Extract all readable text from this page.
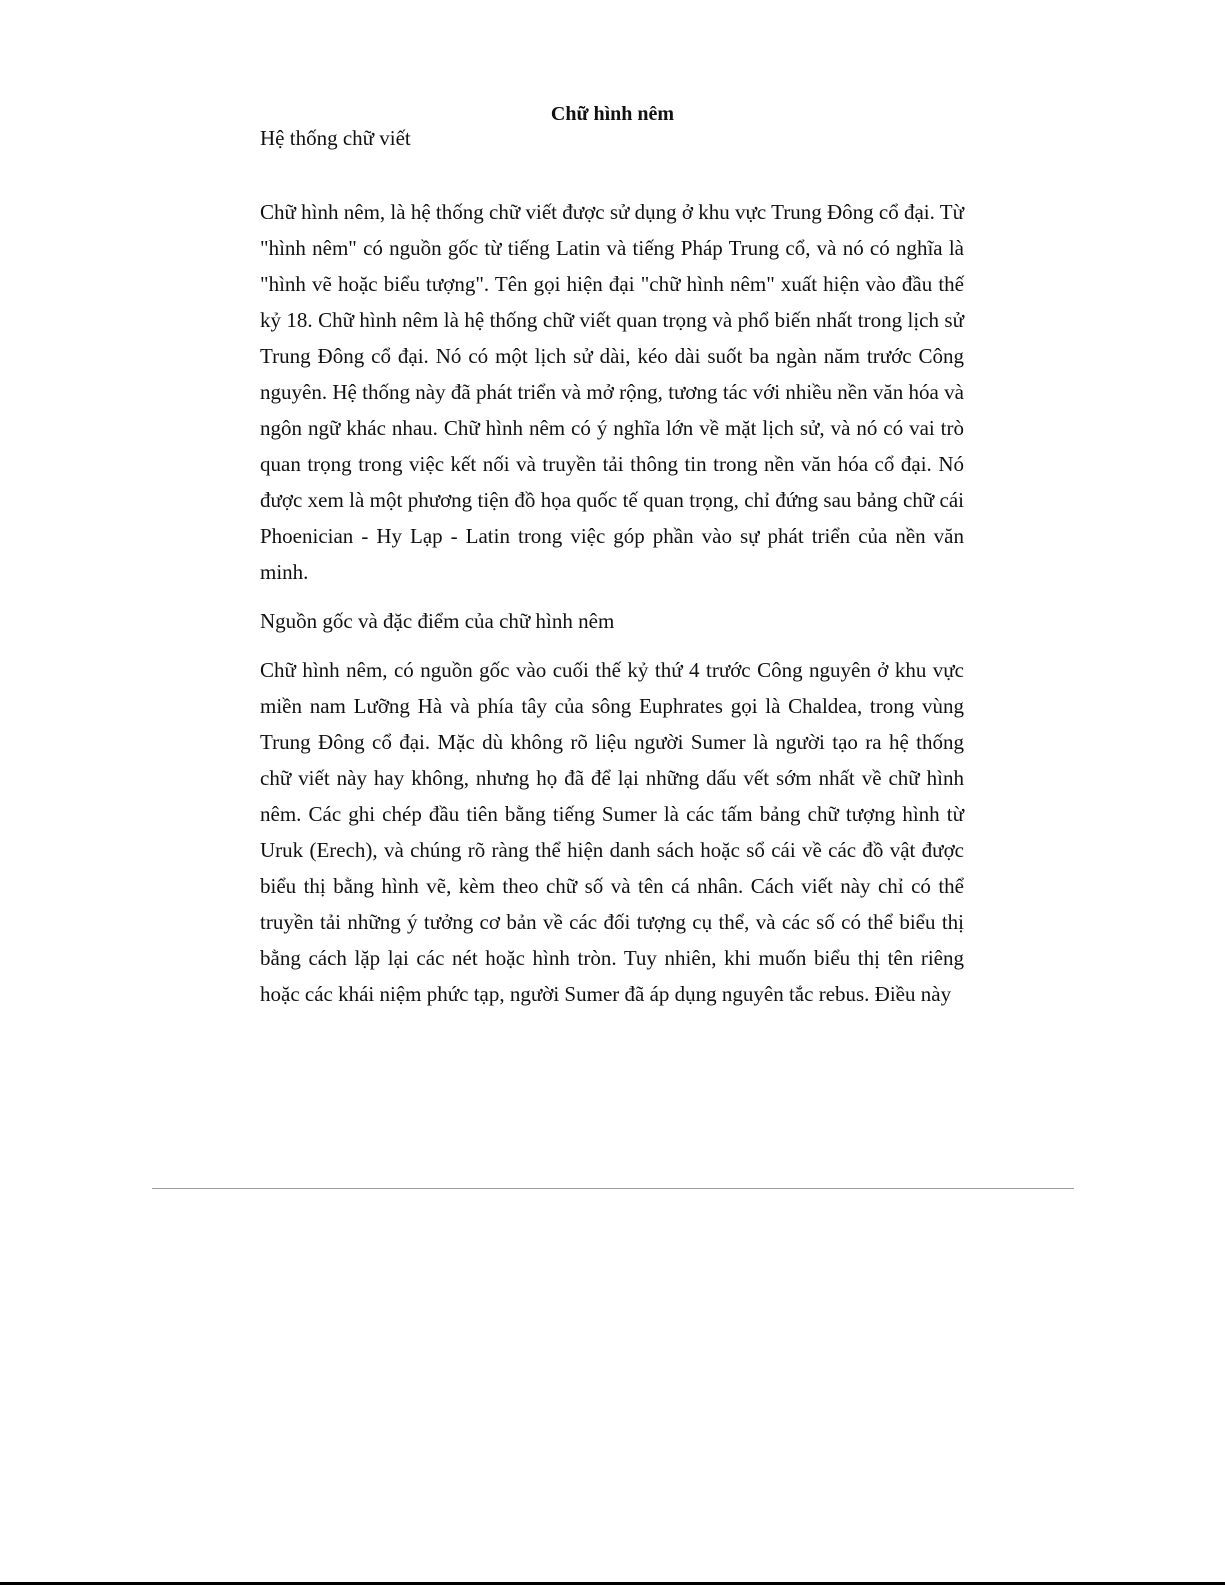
Chữ hình nêm

Hệ thống chữ viết

Chữ hình nêm, là hệ thống chữ viết được sử dụng ở khu vực Trung Đông cổ đại. Từ "hình nêm" có nguồn gốc từ tiếng Latin và tiếng Pháp Trung cổ, và nó có nghĩa là "hình vẽ hoặc biểu tượng". Tên gọi hiện đại "chữ hình nêm" xuất hiện vào đầu thế kỷ 18. Chữ hình nêm là hệ thống chữ viết quan trọng và phổ biến nhất trong lịch sử Trung Đông cổ đại. Nó có một lịch sử dài, kéo dài suốt ba ngàn năm trước Công nguyên. Hệ thống này đã phát triển và mở rộng, tương tác với nhiều nền văn hóa và ngôn ngữ khác nhau. Chữ hình nêm có ý nghĩa lớn về mặt lịch sử, và nó có vai trò quan trọng trong việc kết nối và truyền tải thông tin trong nền văn hóa cổ đại. Nó được xem là một phương tiện đồ họa quốc tế quan trọng, chỉ đứng sau bảng chữ cái Phoenician - Hy Lạp - Latin trong việc góp phần vào sự phát triển của nền văn minh.

Nguồn gốc và đặc điểm của chữ hình nêm

Chữ hình nêm, có nguồn gốc vào cuối thế kỷ thứ 4 trước Công nguyên ở khu vực miền nam Lưỡng Hà và phía tây của sông Euphrates gọi là Chaldea, trong vùng Trung Đông cổ đại. Mặc dù không rõ liệu người Sumer là người tạo ra hệ thống chữ viết này hay không, nhưng họ đã để lại những dấu vết sớm nhất về chữ hình nêm. Các ghi chép đầu tiên bằng tiếng Sumer là các tấm bảng chữ tượng hình từ Uruk (Erech), và chúng rõ ràng thể hiện danh sách hoặc sổ cái về các đồ vật được biểu thị bằng hình vẽ, kèm theo chữ số và tên cá nhân. Cách viết này chỉ có thể truyền tải những ý tưởng cơ bản về các đối tượng cụ thể, và các số có thể biểu thị bằng cách lặp lại các nét hoặc hình tròn. Tuy nhiên, khi muốn biểu thị tên riêng hoặc các khái niệm phức tạp, người Sumer đã áp dụng nguyên tắc rebus. Điều này
